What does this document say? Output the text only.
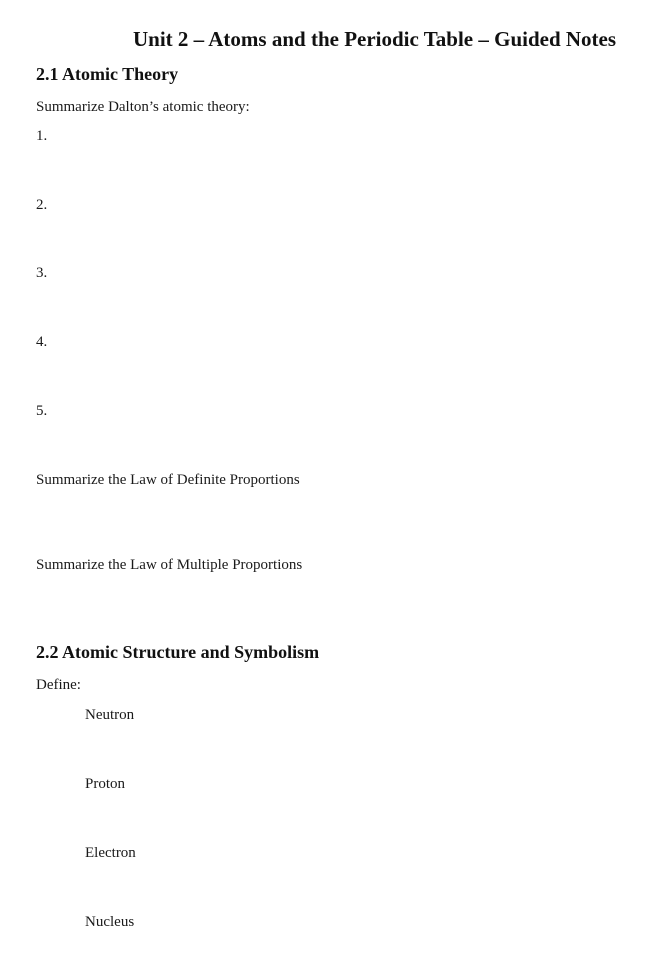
Unit 2 – Atoms and the Periodic Table – Guided Notes
2.1 Atomic Theory
Summarize Dalton’s atomic theory:
1.
2.
3.
4.
5.
Summarize the Law of Definite Proportions
Summarize the Law of Multiple Proportions
2.2 Atomic Structure and Symbolism
Define:
Neutron
Proton
Electron
Nucleus
